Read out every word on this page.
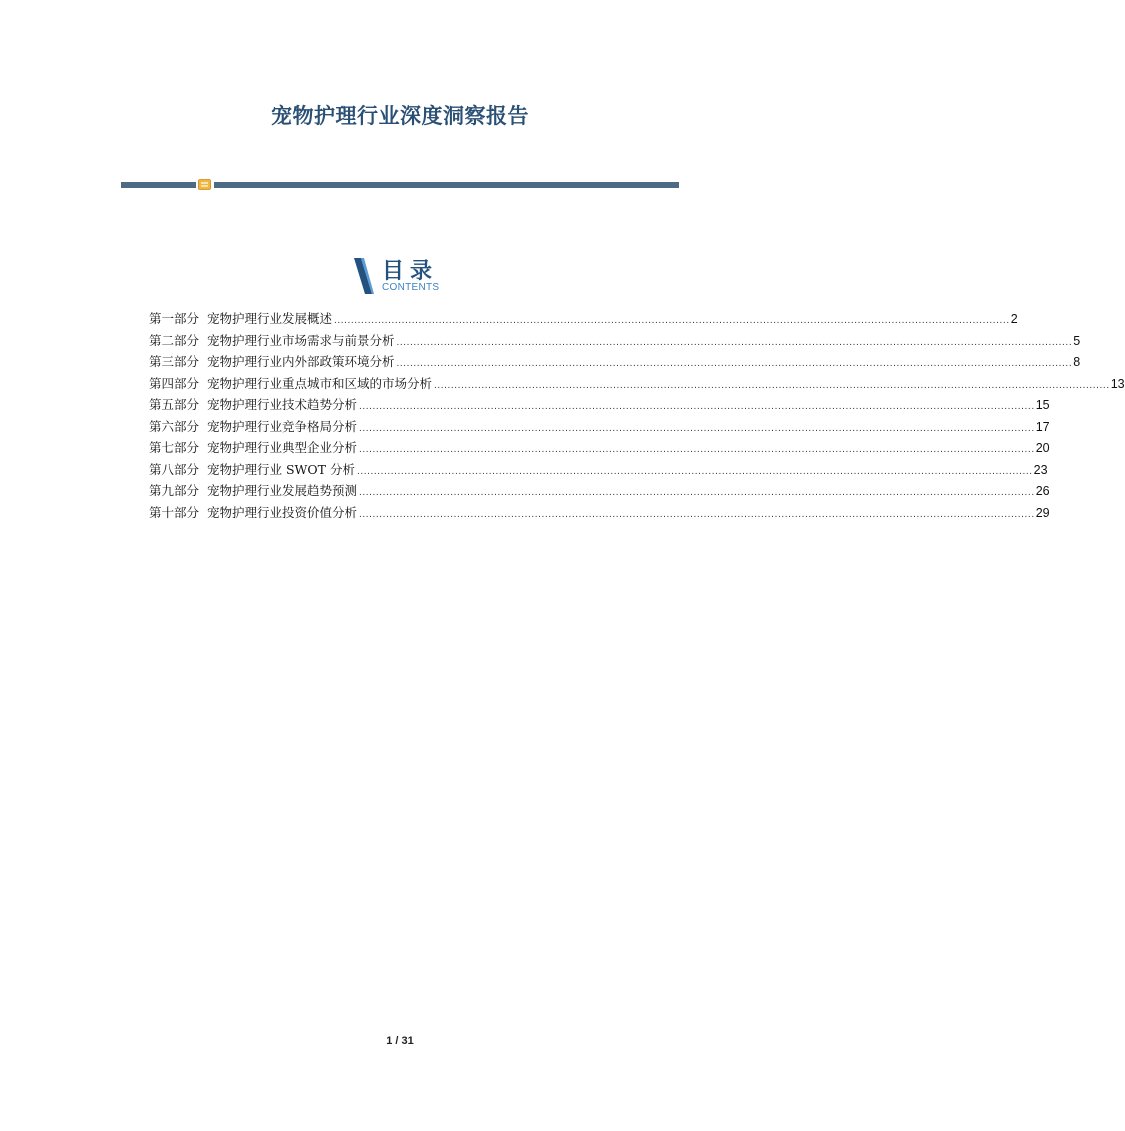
宠物护理行业深度洞察报告
目录
CONTENTS
第一部分 宠物护理行业发展概述 ........................................................................................................................................................................................................ 2
第二部分 宠物护理行业市场需求与前景分析 ........................................................................................................................................................................................................ 5
第三部分 宠物护理行业内外部政策环境分析 ........................................................................................................................................................................................................ 8
第四部分 宠物护理行业重点城市和区域的市场分析 ........................................................................................................................................................................................................ 13
第五部分 宠物护理行业技术趋势分析 ........................................................................................................................................................................................................ 15
第六部分 宠物护理行业竞争格局分析 ........................................................................................................................................................................................................ 17
第七部分 宠物护理行业典型企业分析 ........................................................................................................................................................................................................ 20
第八部分 宠物护理行业 SWOT 分析 ........................................................................................................................................................................................................ 23
第九部分 宠物护理行业发展趋势预测 ........................................................................................................................................................................................................ 26
第十部分 宠物护理行业投资价值分析 ........................................................................................................................................................................................................ 29
1 / 31
